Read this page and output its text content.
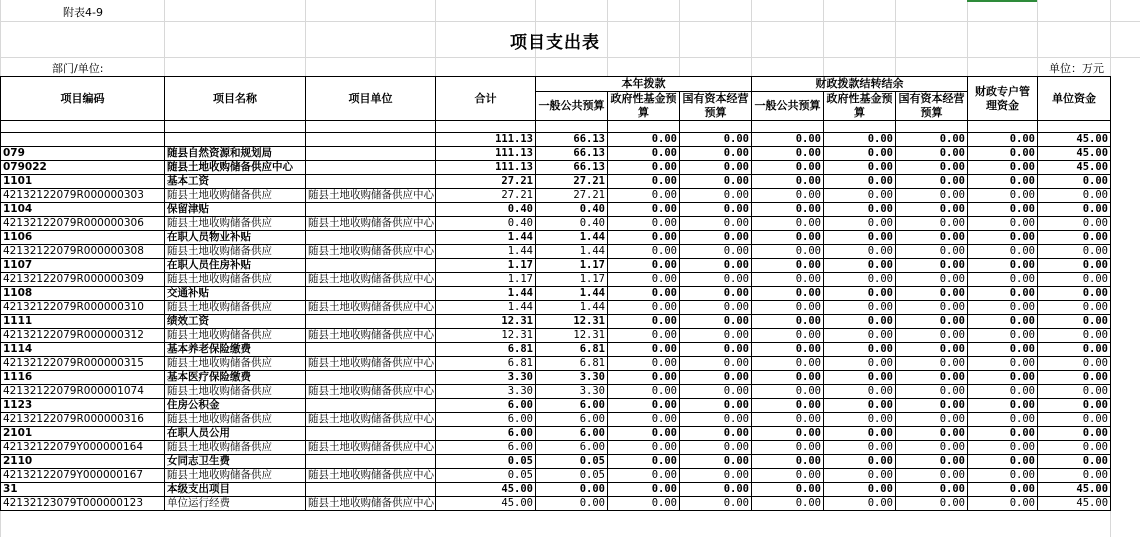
附表4-9
项目支出表
部门/单位:	单位：万元
项目编码	项目名称	项目单位	合计	本年拨款			财政拨款结转结余			财政专户管理资金	单位资金
				一般公共预算	政府性基金预算	国有资本经营预算	一般公共预算	政府性基金预算	国有资本经营预算		

			111.13	66.13	0.00	0.00	0.00	0.00	0.00	0.00	45.00
079	随县自然资源和规划局		111.13	66.13	0.00	0.00	0.00	0.00	0.00	0.00	45.00
079022	随县土地收购储备供应中心		111.13	66.13	0.00	0.00	0.00	0.00	0.00	0.00	45.00
1101	基本工资		27.21	27.21	0.00	0.00	0.00	0.00	0.00	0.00	0.00
42132122079R000000303	随县土地收购储备供应	随县土地收购储备供应中心	27.21	27.21	0.00	0.00	0.00	0.00	0.00	0.00	0.00
1104	保留津贴		0.40	0.40	0.00	0.00	0.00	0.00	0.00	0.00	0.00
42132122079R000000306	随县土地收购储备供应	随县土地收购储备供应中心	0.40	0.40	0.00	0.00	0.00	0.00	0.00	0.00	0.00
1106	在职人员物业补贴		1.44	1.44	0.00	0.00	0.00	0.00	0.00	0.00	0.00
42132122079R000000308	随县土地收购储备供应	随县土地收购储备供应中心	1.44	1.44	0.00	0.00	0.00	0.00	0.00	0.00	0.00
1107	在职人员住房补贴		1.17	1.17	0.00	0.00	0.00	0.00	0.00	0.00	0.00
42132122079R000000309	随县土地收购储备供应	随县土地收购储备供应中心	1.17	1.17	0.00	0.00	0.00	0.00	0.00	0.00	0.00
1108	交通补贴		1.44	1.44	0.00	0.00	0.00	0.00	0.00	0.00	0.00
42132122079R000000310	随县土地收购储备供应	随县土地收购储备供应中心	1.44	1.44	0.00	0.00	0.00	0.00	0.00	0.00	0.00
1111	绩效工资		12.31	12.31	0.00	0.00	0.00	0.00	0.00	0.00	0.00
42132122079R000000312	随县土地收购储备供应	随县土地收购储备供应中心	12.31	12.31	0.00	0.00	0.00	0.00	0.00	0.00	0.00
1114	基本养老保险缴费		6.81	6.81	0.00	0.00	0.00	0.00	0.00	0.00	0.00
42132122079R000000315	随县土地收购储备供应	随县土地收购储备供应中心	6.81	6.81	0.00	0.00	0.00	0.00	0.00	0.00	0.00
1116	基本医疗保险缴费		3.30	3.30	0.00	0.00	0.00	0.00	0.00	0.00	0.00
42132122079R000001074	随县土地收购储备供应	随县土地收购储备供应中心	3.30	3.30	0.00	0.00	0.00	0.00	0.00	0.00	0.00
1123	住房公积金		6.00	6.00	0.00	0.00	0.00	0.00	0.00	0.00	0.00
42132122079R000000316	随县土地收购储备供应	随县土地收购储备供应中心	6.00	6.00	0.00	0.00	0.00	0.00	0.00	0.00	0.00
2101	在职人员公用		6.00	6.00	0.00	0.00	0.00	0.00	0.00	0.00	0.00
42132122079Y000000164	随县土地收购储备供应	随县土地收购储备供应中心	6.00	6.00	0.00	0.00	0.00	0.00	0.00	0.00	0.00
2110	女同志卫生费		0.05	0.05	0.00	0.00	0.00	0.00	0.00	0.00	0.00
42132122079Y000000167	随县土地收购储备供应	随县土地收购储备供应中心	0.05	0.05	0.00	0.00	0.00	0.00	0.00	0.00	0.00
31	本级支出项目		45.00	0.00	0.00	0.00	0.00	0.00	0.00	0.00	45.00
42132123079T000000123	单位运行经费	随县土地收购储备供应中心	45.00	0.00	0.00	0.00	0.00	0.00	0.00	0.00	45.00
